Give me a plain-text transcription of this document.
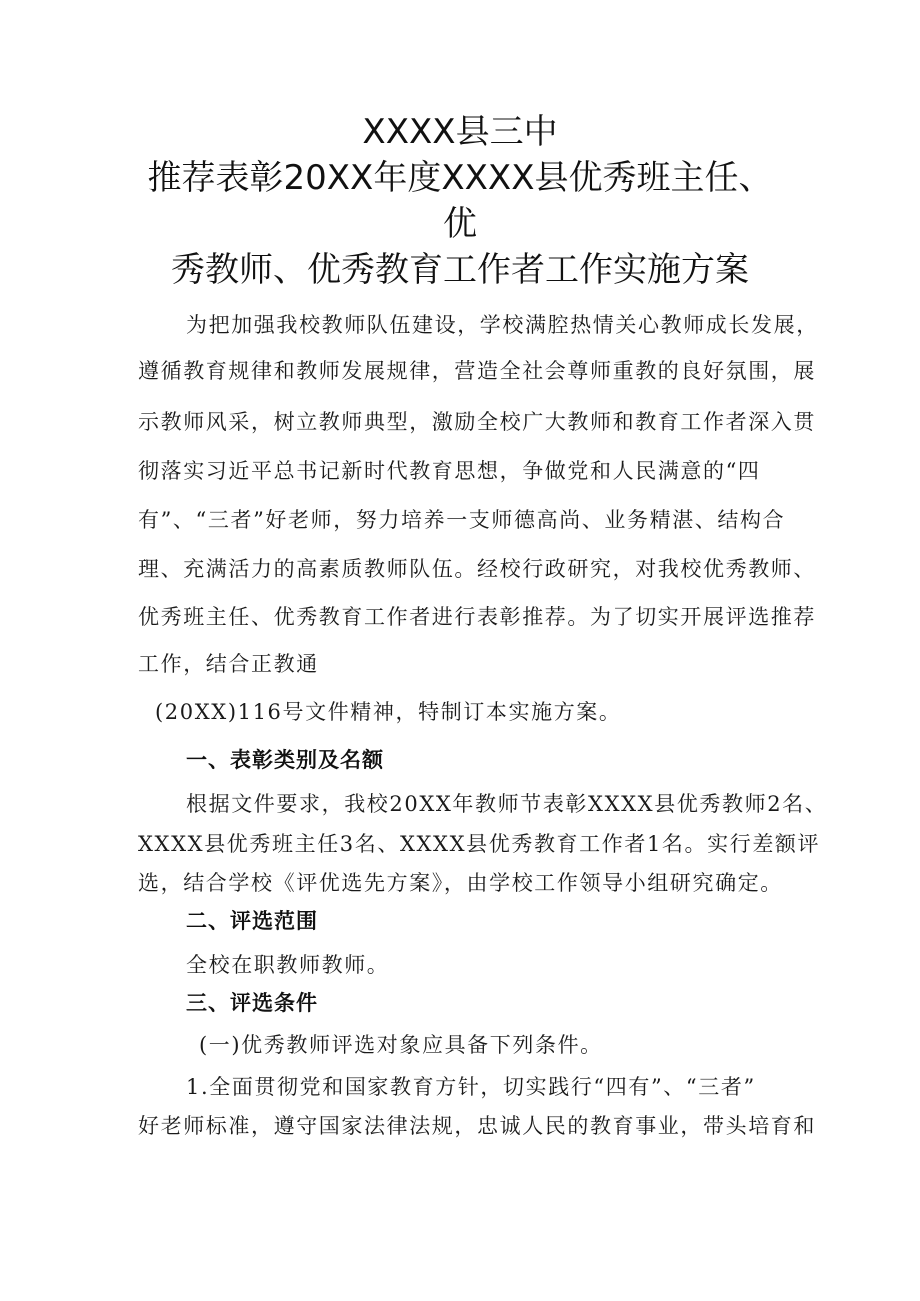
XXXX县三中
推荐表彰20XX年度XXXX县优秀班主任、
优
秀教师、优秀教育工作者工作实施方案
为把加强我校教师队伍建设，学校满腔热情关心教师成长发展，
遵循教育规律和教师发展规律，营造全社会尊师重教的良好氛围，展
示教师风采，树立教师典型，激励全校广大教师和教育工作者深入贯
彻落实习近平总书记新时代教育思想，争做党和人民满意的“四
有”、“三者”好老师，努力培养一支师德高尚、业务精湛、结构合
理、充满活力的高素质教师队伍。经校行政研究，对我校优秀教师、
优秀班主任、优秀教育工作者进行表彰推荐。为了切实开展评选推荐
工作，结合正教通
(20XX)116号文件精神，特制订本实施方案。
一、表彰类别及名额
根据文件要求，我校20XX年教师节表彰XXXX县优秀教师2名、
XXXX县优秀班主任3名、XXXX县优秀教育工作者1名。实行差额评
选，结合学校《评优选先方案》，由学校工作领导小组研究确定。
二、评选范围
全校在职教师教师。
三、评选条件
(一)优秀教师评选对象应具备下列条件。
1.全面贯彻党和国家教育方针，切实践行“四有”、“三者”
好老师标准，遵守国家法律法规，忠诚人民的教育事业，带头培育和
